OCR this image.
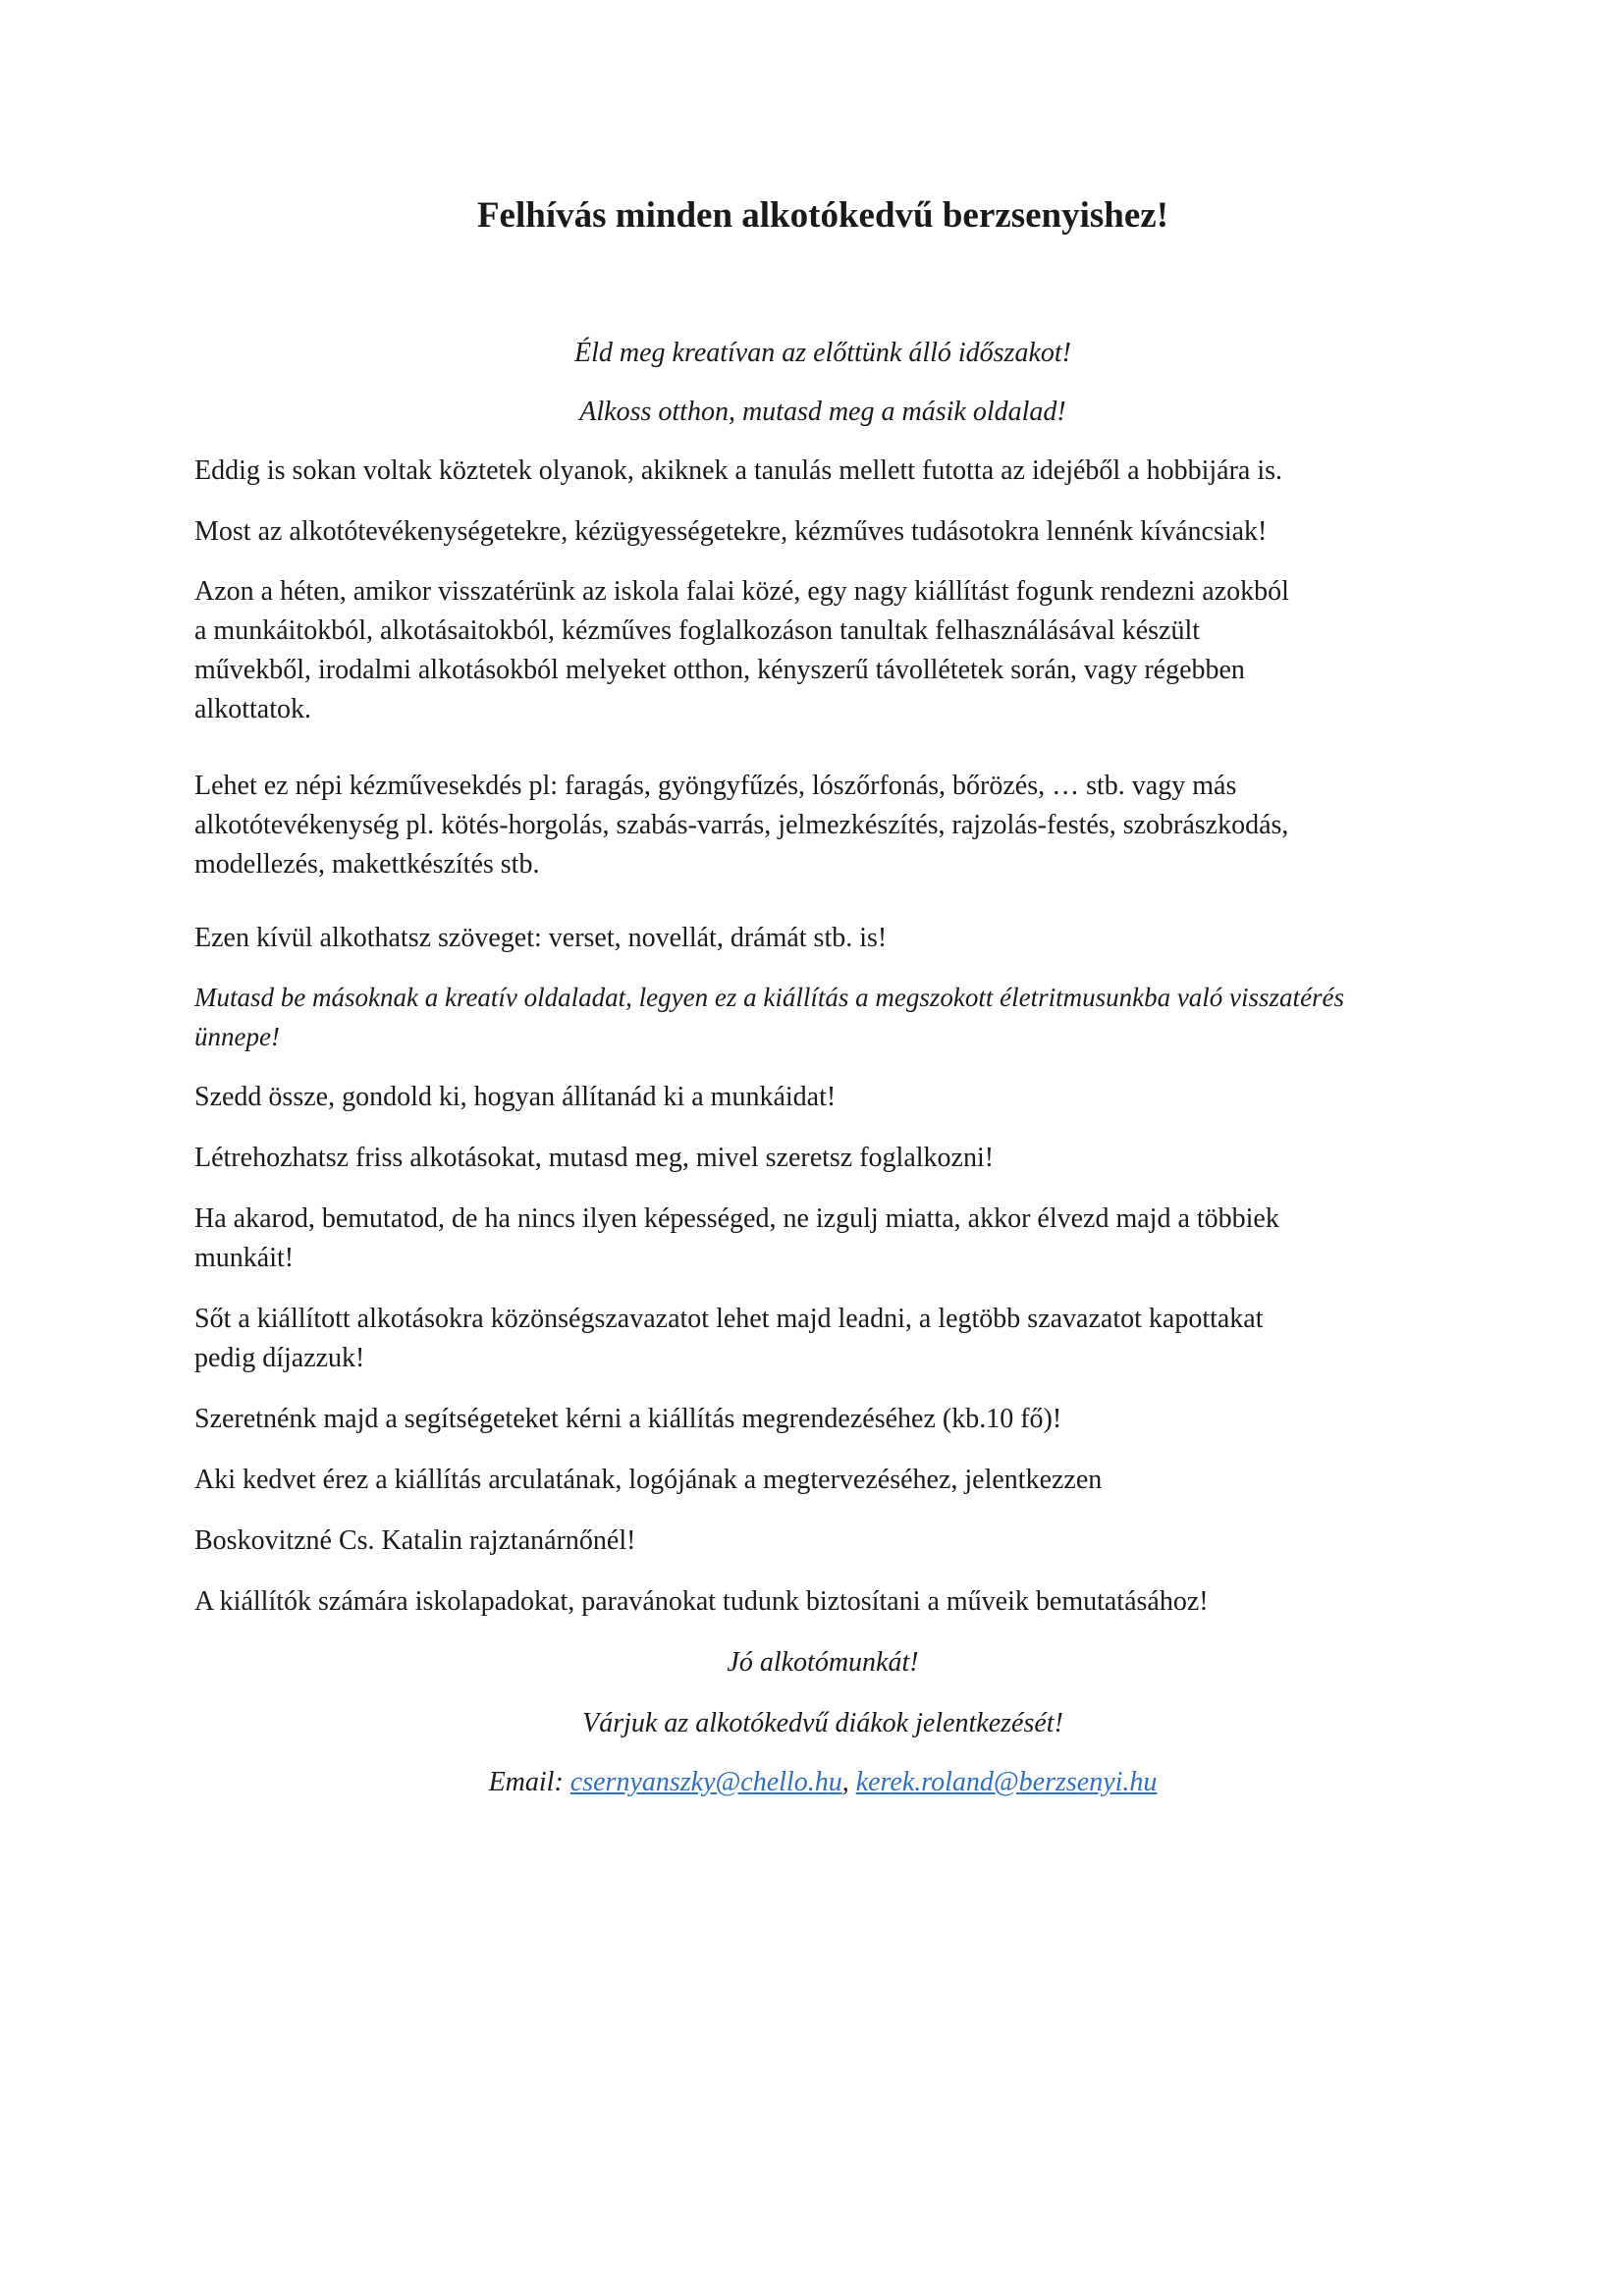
Felhívás minden alkotókedvű berzsenyishez!

Éld meg kreatívan az előttünk álló időszakot!

Alkoss otthon, mutasd meg a másik oldalad!

Eddig is sokan voltak köztetek olyanok, akiknek a tanulás mellett futotta az idejéből a hobbijára is.

Most az alkotótevékenységetekre, kézügyességetekre, kézműves tudásotokra lennénk kíváncsiak!

Azon a héten, amikor visszatérünk az iskola falai közé, egy nagy kiállítást fogunk rendezni azokból
a munkáitokból, alkotásaitokból, kézműves foglalkozáson tanultak felhasználásával készült
művekből, irodalmi alkotásokból melyeket otthon, kényszerű távollétetek során, vagy régebben
alkottatok.
Lehet ez népi kézművesekdés pl: faragás, gyöngyfűzés, lószőrfonás, bőrözés, … stb. vagy más
alkotótevékenység pl. kötés-horgolás, szabás-varrás, jelmezkészítés, rajzolás-festés, szobrászkodás,
modellezés, makettkészítés stb.

Ezen kívül alkothatsz szöveget: verset, novellát, drámát stb. is!

Mutasd be másoknak a kreatív oldaladat, legyen ez a kiállítás a megszokott életritmusunkba való visszatérés
ünnepe!

Szedd össze, gondold ki, hogyan állítanád ki a munkáidat!

Létrehozhatsz friss alkotásokat, mutasd meg, mivel szeretsz foglalkozni!

Ha akarod, bemutatod, de ha nincs ilyen képességed, ne izgulj miatta, akkor élvezd majd a többiek
munkáit!
Sőt a kiállított alkotásokra közönségszavazatot lehet majd leadni, a legtöbb szavazatot kapottakat
pedig díjazzuk!

Szeretnénk majd a segítségeteket kérni a kiállítás megrendezéséhez (kb.10 fő)!

Aki kedvet érez a kiállítás arculatának, logójának a megtervezéséhez, jelentkezzen

Boskovitzné Cs. Katalin rajztanárnőnél!

A kiállítók számára iskolapadokat, paravánokat tudunk biztosítani a műveik bemutatásához!

Jó alkotómunkát!

Várjuk az alkotókedvű diákok jelentkezését!

Email: csernyanszky@chello.hu, kerek.roland@berzsenyi.hu
